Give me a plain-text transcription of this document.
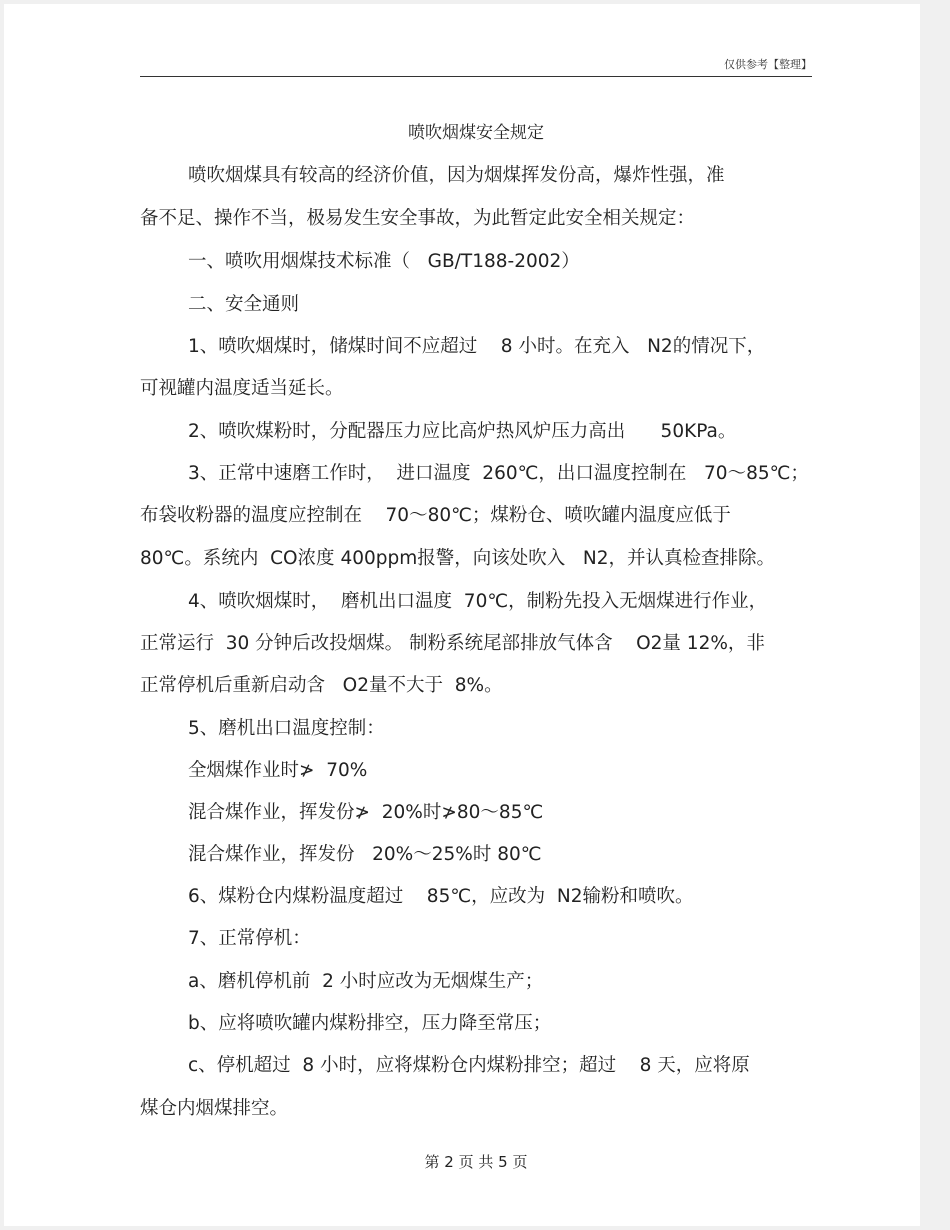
仅供参考【整理】
喷吹烟煤安全规定
喷吹烟煤具有较高的经济价值，因为烟煤挥发份高，爆炸性强，准
备不足、操作不当，极易发生安全事故，为此暂定此安全相关规定：
一、喷吹用烟煤技术标准（   GB/T188-2002）
二、安全通则
1、喷吹烟煤时，储煤时间不应超过    8 小时。在充入   N2的情况下，
可视罐内温度适当延长。
2、喷吹煤粉时，分配器压力应比高炉热风炉压力高出      50KPa。
3、正常中速磨工作时，  进口温度  260℃，出口温度控制在   70～85℃；
布袋收粉器的温度应控制在    70～80℃；煤粉仓、喷吹罐内温度应低于
80℃。系统内  CO浓度 400ppm报警，向该处吹入   N2，并认真检查排除。
4、喷吹烟煤时，  磨机出口温度  70℃，制粉先投入无烟煤进行作业，
正常运行  30 分钟后改投烟煤。 制粉系统尾部排放气体含    O2量 12%，非
正常停机后重新启动含   O2量不大于  8%。
5、磨机出口温度控制：
全烟煤作业时≯  70%
混合煤作业，挥发份≯  20%时≯80～85℃
混合煤作业，挥发份   20%～25%时 80℃
6、煤粉仓内煤粉温度超过    85℃，应改为  N2输粉和喷吹。
7、正常停机：
a、磨机停机前  2 小时应改为无烟煤生产；
b、应将喷吹罐内煤粉排空，压力降至常压；
c、停机超过  8 小时，应将煤粉仓内煤粉排空；超过    8 天，应将原
煤仓内烟煤排空。
第 2 页 共 5 页
